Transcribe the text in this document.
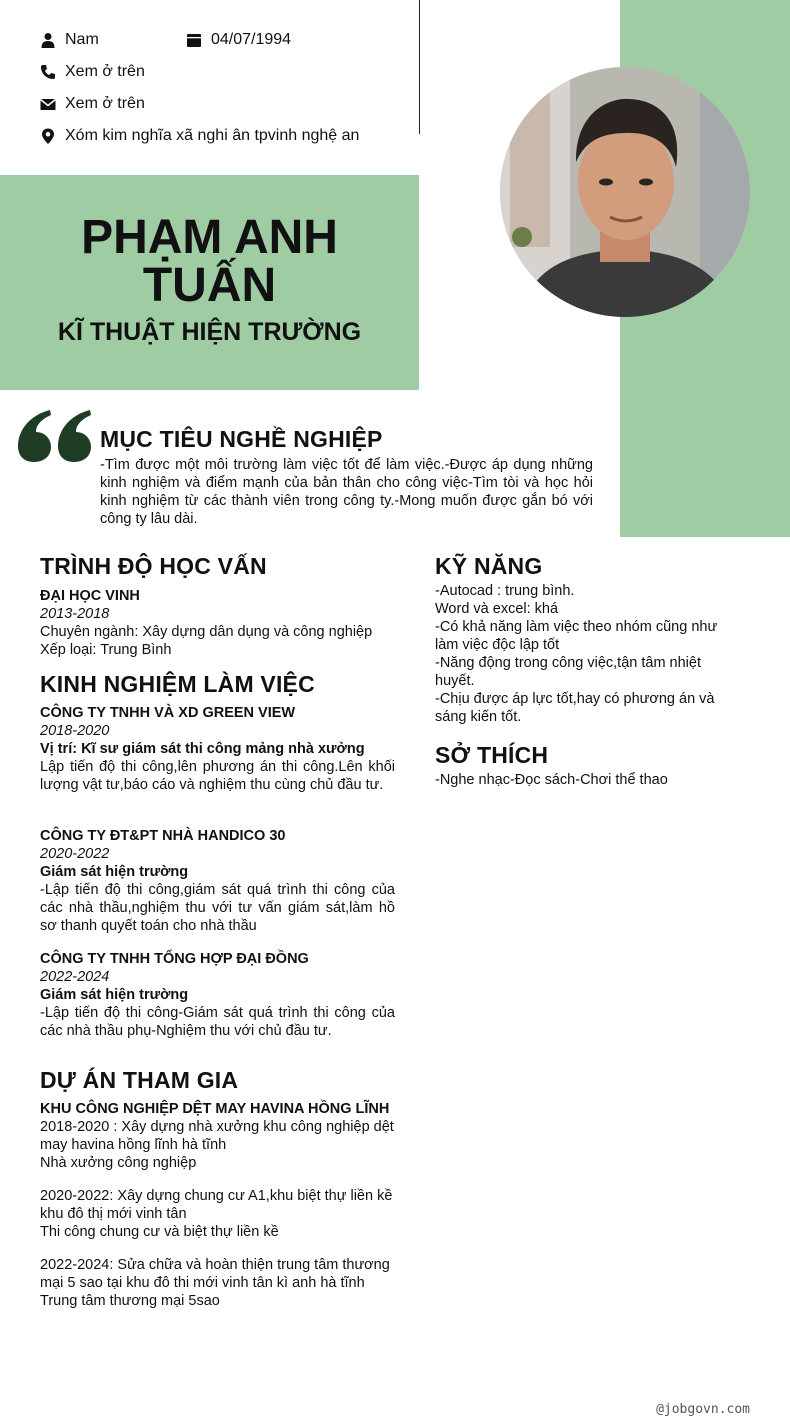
Nam	04/07/1994
Xem ở trên
Xem ở trên
Xóm kim nghĩa xã nghi ân tpvinh nghệ an
PHẠM ANH
TUẤN
KĨ THUẬT HIỆN TRƯỜNG
MỤC TIÊU NGHỀ NGHIỆP
-Tìm được một môi trường làm việc tốt để làm việc.-Được áp dụng những kinh nghiệm và điểm mạnh của bản thân cho công việc-Tìm tòi và học hỏi kinh nghiệm từ các thành viên trong công ty.-Mong muốn được gắn bó với công ty lâu dài.
TRÌNH ĐỘ HỌC VẤN
ĐẠI HỌC VINH
2013-2018
Chuyên ngành: Xây dựng dân dụng và công nghiệp
Xếp loại: Trung Bình
KINH NGHIỆM LÀM VIỆC
CÔNG TY TNHH VÀ XD GREEN VIEW
2018-2020
Vị trí: Kĩ sư giám sát thi công mảng nhà xưởng
Lập tiến độ thi công,lên phương án thi công.Lên khối lượng vật tư,báo cáo và nghiệm thu cùng chủ đầu tư.
CÔNG TY ĐT&PT NHÀ HANDICO 30
2020-2022
Giám sát hiện trường
-Lập tiến độ thi công,giám sát quá trình thi công của các nhà thầu,nghiệm thu với tư vấn giám sát,làm hồ sơ thanh quyết toán cho nhà thầu
CÔNG TY TNHH TỔNG HỢP ĐẠI ĐỒNG
2022-2024
Giám sát hiện trường
-Lập tiến độ thi công-Giám sát quá trình thi công của các nhà thầu phụ-Nghiệm thu với chủ đầu tư.
DỰ ÁN THAM GIA
KHU CÔNG NGHIỆP DỆT MAY HAVINA HỒNG LĨNH
2018-2020 : Xây dựng nhà xưởng khu công nghiệp dệt may havina hồng lĩnh hà tĩnh
Nhà xưởng công nghiệp
2020-2022: Xây dựng chung cư A1,khu biệt thự liền kề khu đô thị mới vinh tân
Thi công chung cư và biệt thự liền kề
2022-2024: Sửa chữa và hoàn thiện trung tâm thương mại 5 sao tại khu đô thi mới vinh tân kì anh hà tĩnh
Trung tâm thương mại 5sao
KỸ NĂNG
-Autocad : trung bình.
Word và excel: khá
-Có khả năng làm việc theo nhóm cũng như làm việc độc lập tốt
-Năng động trong công việc,tận tâm nhiệt huyết.
-Chịu được áp lực tốt,hay có phương án và sáng kiến tốt.
SỞ THÍCH
-Nghe nhạc-Đọc sách-Chơi thể thao
@jobgovn.com
